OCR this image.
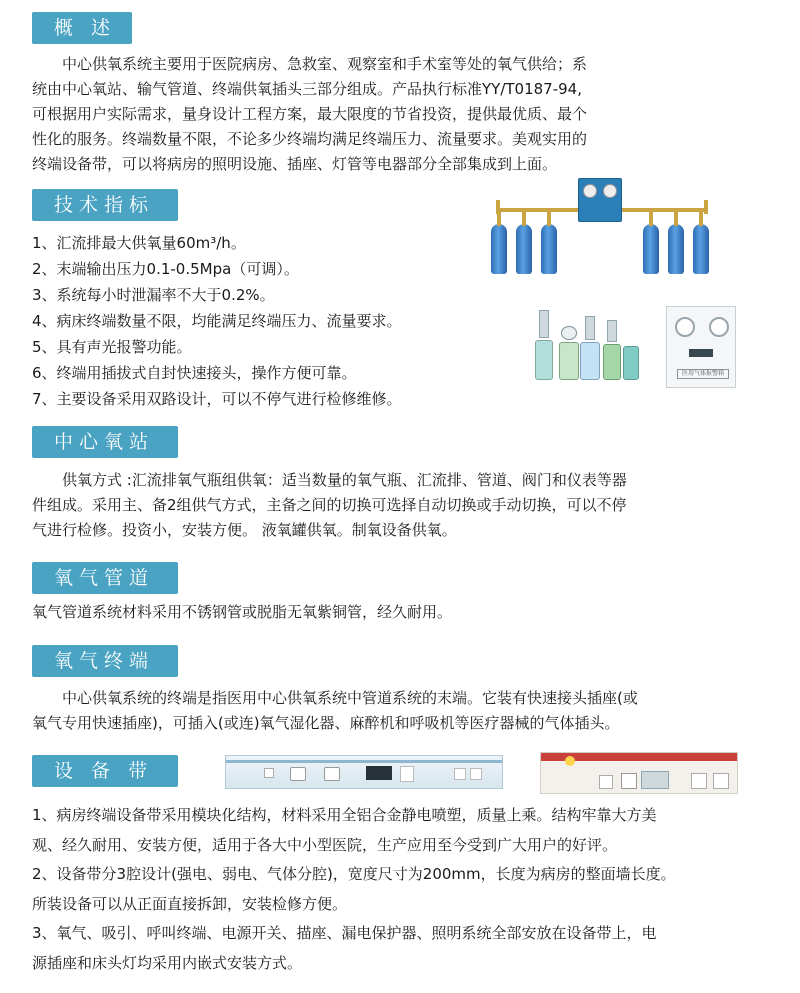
概 述
中心供氧系统主要用于医院病房、急救室、观察室和手术室等处的氧气供给；系
统由中心氧站、输气管道、终端供氧插头三部分组成。产品执行标准YY/T0187-94,
可根据用户实际需求，量身设计工程方案，最大限度的节省投资，提供最优质、最个
性化的服务。终端数量不限，不论多少终端均满足终端压力、流量要求。美观实用的
终端设备带，可以将病房的照明设施、插座、灯管等电器部分全部集成到上面。
技术指标
1、汇流排最大供氧量60m³/h。
2、末端输出压力0.1-0.5Mpa（可调）。
3、系统每小时泄漏率不大于0.2%。
4、病床终端数量不限，均能满足终端压力、流量要求。
5、具有声光报警功能。
6、终端用插拔式自封快速接头，操作方便可靠。
7、主要设备采用双路设计，可以不停气进行检修维修。
医用气体报警箱
中心氧站
供氧方式 :汇流排氧气瓶组供氧：适当数量的氧气瓶、汇流排、管道、阀门和仪表等器
件组成。采用主、备2组供气方式，主备之间的切换可选择自动切换或手动切换，可以不停
气进行检修。投资小，安装方便。 液氧罐供氧。制氧设备供氧。
氧气管道
氧气管道系统材料采用不锈钢管或脱脂无氧紫铜管，经久耐用。
氧气终端
中心供氧系统的终端是指医用中心供氧系统中管道系统的末端。它装有快速接头插座(或
氧气专用快速插座)，可插入(或连)氧气湿化器、麻醉机和呼吸机等医疗器械的气体插头。
设 备 带
1、病房终端设备带采用模块化结构，材料采用全铝合金静电喷塑，质量上乘。结构牢靠大方美
观、经久耐用、安装方便，适用于各大中小型医院，生产应用至今受到广大用户的好评。
2、设备带分3腔设计(强电、弱电、气体分腔)，宽度尺寸为200mm，长度为病房的整面墙长度。
所装设备可以从正面直接拆卸，安装检修方便。
3、氧气、吸引、呼叫终端、电源开关、描座、漏电保护器、照明系统全部安放在设备带上，电
源插座和床头灯均采用内嵌式安装方式。
